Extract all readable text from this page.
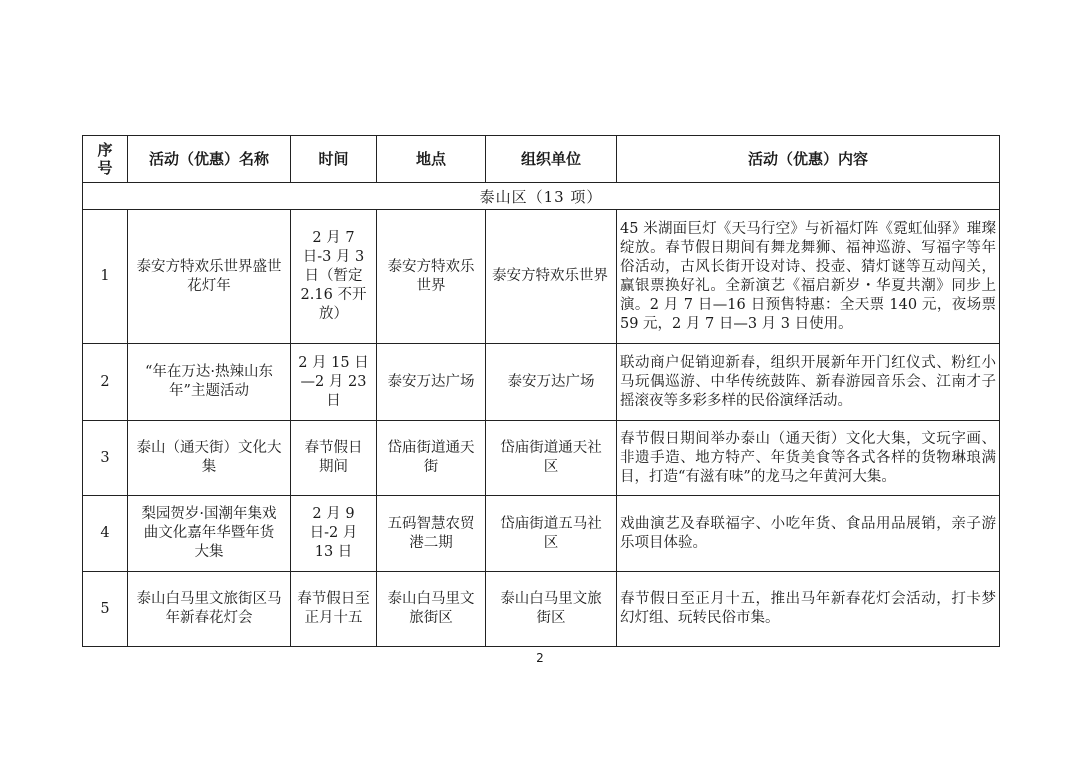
序号	活动（优惠）名称	时间	地点	组织单位	活动（优惠）内容
泰山区（13 项）					
1	泰安方特欢乐世界盛世花灯年	2 月 7 日-3 月 3 日（暂定 2.16 不开放）	泰安方特欢乐世界	泰安方特欢乐世界	45 米湖面巨灯《天马行空》与祈福灯阵《霓虹仙驿》璀璨绽放。春节假日期间有舞龙舞狮、福神巡游、写福字等年俗活动，古风长街开设对诗、投壶、猜灯谜等互动闯关，赢银票换好礼。全新演艺《福启新岁・华夏共潮》同步上演。2 月 7 日—16 日预售特惠：全天票 140 元，夜场票 59 元，2 月 7 日—3 月 3 日使用。
2	“年在万达·热辣山东年”主题活动	2 月 15 日—2 月 23 日	泰安万达广场	泰安万达广场	联动商户促销迎新春，组织开展新年开门红仪式、粉红小马玩偶巡游、中华传统鼓阵、新春游园音乐会、江南才子摇滚夜等多彩多样的民俗演绎活动。
3	泰山（通天街）文化大集	春节假日期间	岱庙街道通天街	岱庙街道通天社区	春节假日期间举办泰山（通天街）文化大集，文玩字画、非遗手造、地方特产、年货美食等各式各样的货物琳琅满目，打造“有滋有味”的龙马之年黄河大集。
4	梨园贺岁·国潮年集戏曲文化嘉年华暨年货大集	2 月 9 日-2 月 13 日	五码智慧农贸港二期	岱庙街道五马社区	戏曲演艺及春联福字、小吃年货、食品用品展销，亲子游乐项目体验。
5	泰山白马里文旅街区马年新春花灯会	春节假日至正月十五	泰山白马里文旅街区	泰山白马里文旅街区	春节假日至正月十五，推出马年新春花灯会活动，打卡梦幻灯组、玩转民俗市集。
2
